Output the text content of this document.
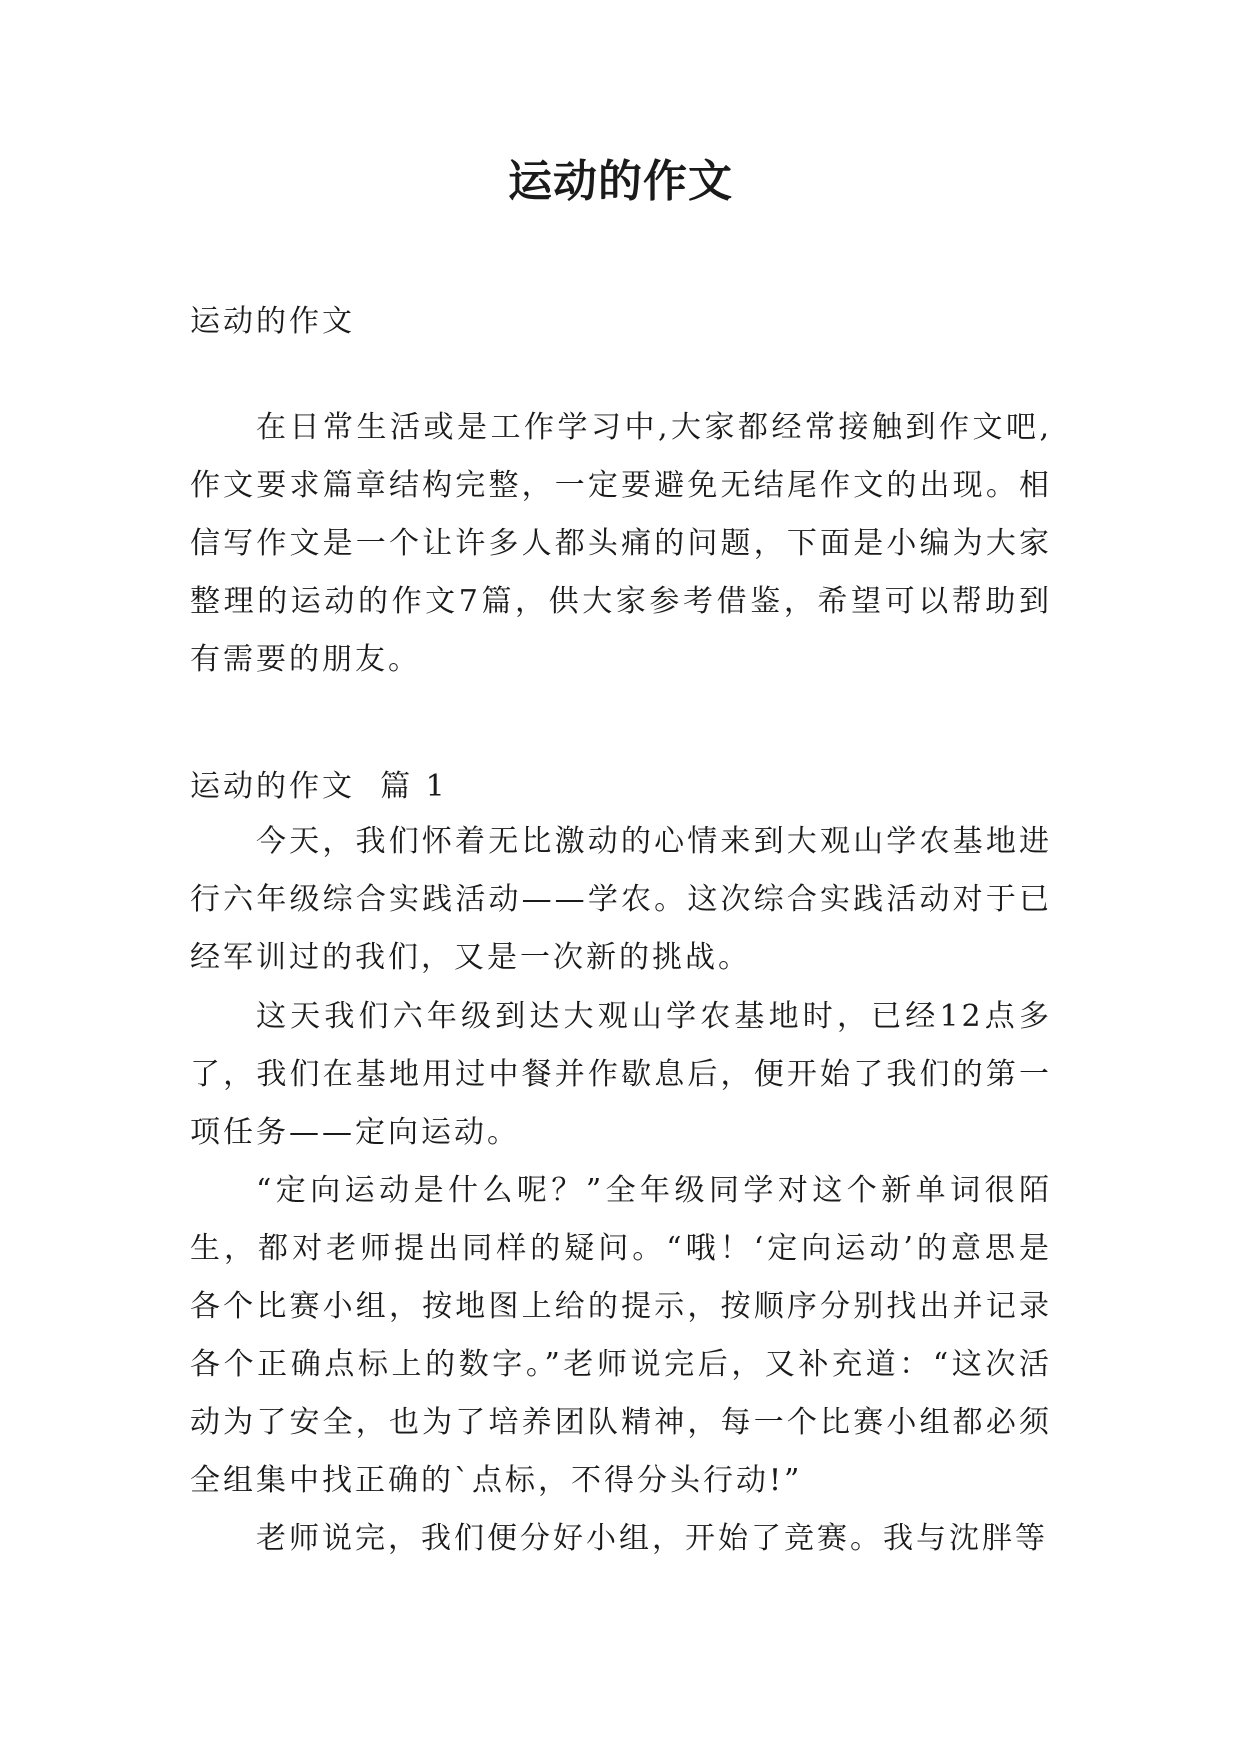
运动的作文

运动的作文

在日常生活或是工作学习中,大家都经常接触到作文吧,作文要求篇章结构完整，一定要避免无结尾作文的出现。相信写作文是一个让许多人都头痛的问题，下面是小编为大家整理的运动的作文7篇，供大家参考借鉴，希望可以帮助到有需要的朋友。

运动的作文  篇 1

今天，我们怀着无比激动的心情来到大观山学农基地进行六年级综合实践活动——学农。这次综合实践活动对于已经军训过的我们，又是一次新的挑战。

这天我们六年级到达大观山学农基地时，已经12点多了，我们在基地用过中餐并作歇息后，便开始了我们的第一项任务——定向运动。

“定向运动是什么呢？”全年级同学对这个新单词很陌生，都对老师提出同样的疑问。“哦！‘定向运动’的意思是各个比赛小组，按地图上给的提示，按顺序分别找出并记录各个正确点标上的数字。”老师说完后，又补充道：“这次活动为了安全，也为了培养团队精神，每一个比赛小组都必须全组集中找正确的`点标，不得分头行动!”

老师说完，我们便分好小组，开始了竞赛。我与沈胖等
